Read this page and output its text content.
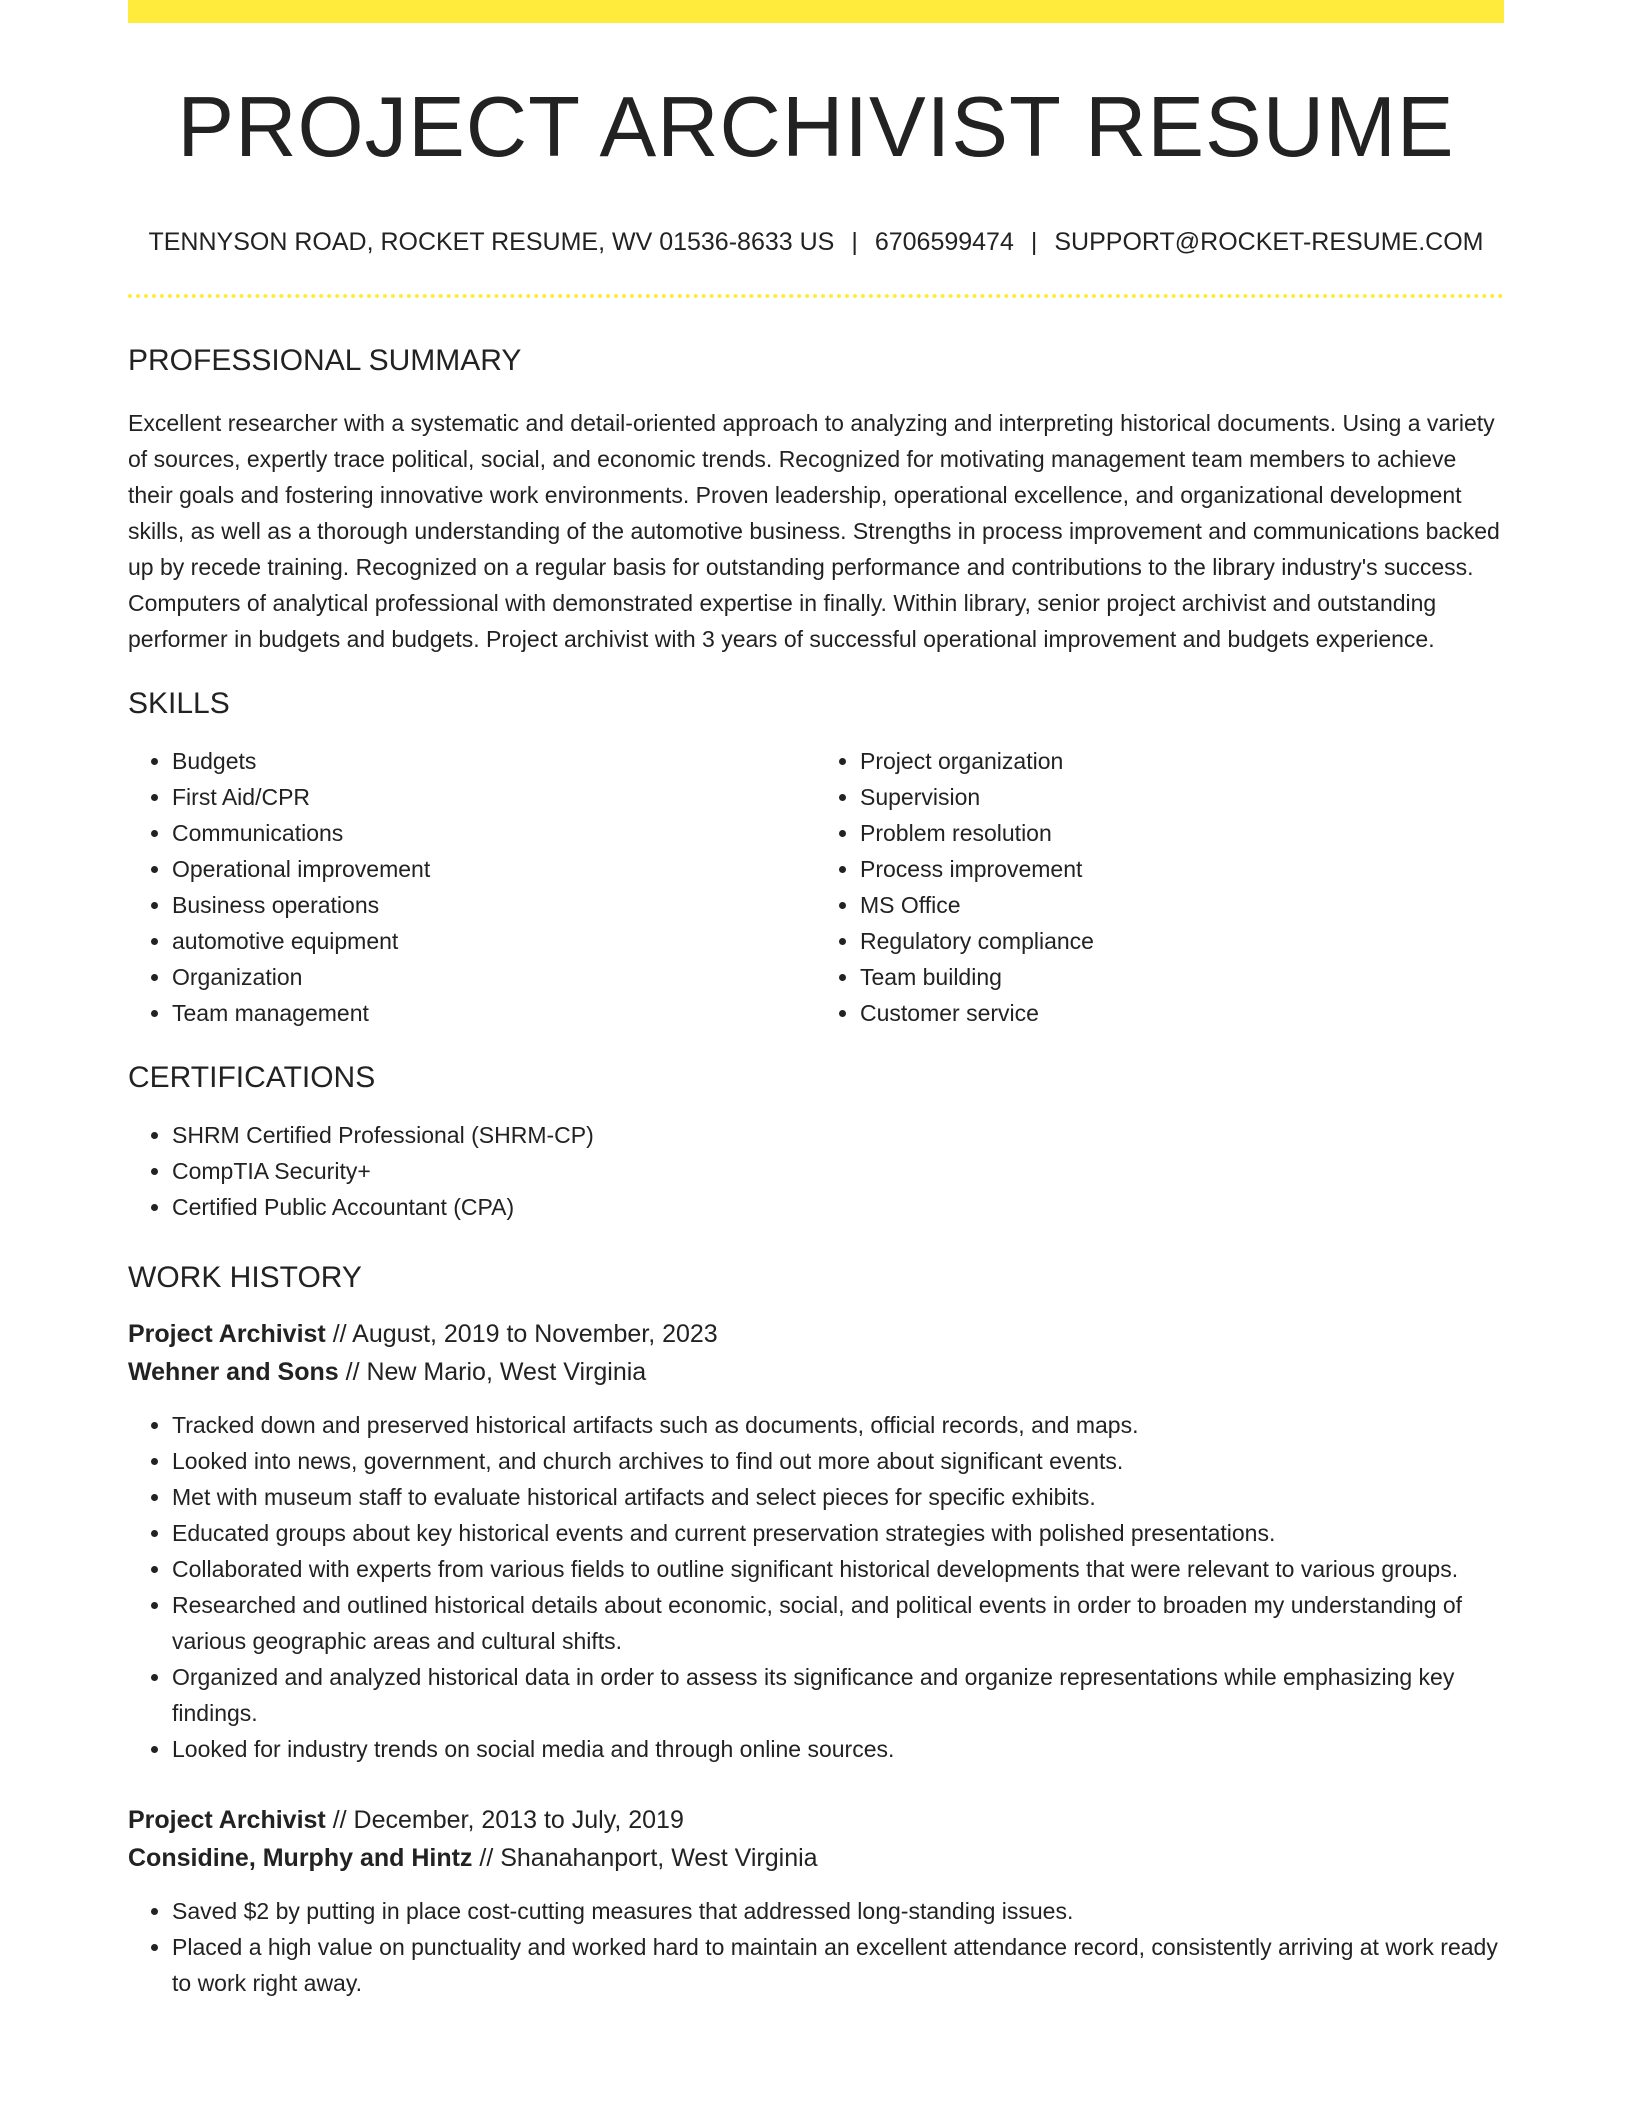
PROJECT ARCHIVIST RESUME
TENNYSON ROAD, ROCKET RESUME, WV 01536-8633 US | 6706599474 | SUPPORT@ROCKET-RESUME.COM
PROFESSIONAL SUMMARY

Excellent researcher with a systematic and detail-oriented approach to analyzing and interpreting historical documents. Using a variety of sources, expertly trace political, social, and economic trends. Recognized for motivating management team members to achieve their goals and fostering innovative work environments. Proven leadership, operational excellence, and organizational development skills, as well as a thorough understanding of the automotive business. Strengths in process improvement and communications backed up by recede training. Recognized on a regular basis for outstanding performance and contributions to the library industry's success. Computers of analytical professional with demonstrated expertise in finally. Within library, senior project archivist and outstanding performer in budgets and budgets. Project archivist with 3 years of successful operational improvement and budgets experience.

SKILLS
• Budgets
• First Aid/CPR
• Communications
• Operational improvement
• Business operations
• automotive equipment
• Organization
• Team management
• Project organization
• Supervision
• Problem resolution
• Process improvement
• MS Office
• Regulatory compliance
• Team building
• Customer service
CERTIFICATIONS
• SHRM Certified Professional (SHRM-CP)
• CompTIA Security+
• Certified Public Accountant (CPA)
WORK HISTORY
Project Archivist // August, 2019 to November, 2023
Wehner and Sons // New Mario, West Virginia
• Tracked down and preserved historical artifacts such as documents, official records, and maps.
• Looked into news, government, and church archives to find out more about significant events.
• Met with museum staff to evaluate historical artifacts and select pieces for specific exhibits.
• Educated groups about key historical events and current preservation strategies with polished presentations.
• Collaborated with experts from various fields to outline significant historical developments that were relevant to various groups.
• Researched and outlined historical details about economic, social, and political events in order to broaden my understanding of various geographic areas and cultural shifts.
• Organized and analyzed historical data in order to assess its significance and organize representations while emphasizing key findings.
• Looked for industry trends on social media and through online sources.
Project Archivist // December, 2013 to July, 2019
Considine, Murphy and Hintz // Shanahanport, West Virginia
• Saved $2 by putting in place cost-cutting measures that addressed long-standing issues.
• Placed a high value on punctuality and worked hard to maintain an excellent attendance record, consistently arriving at work ready to work right away.
